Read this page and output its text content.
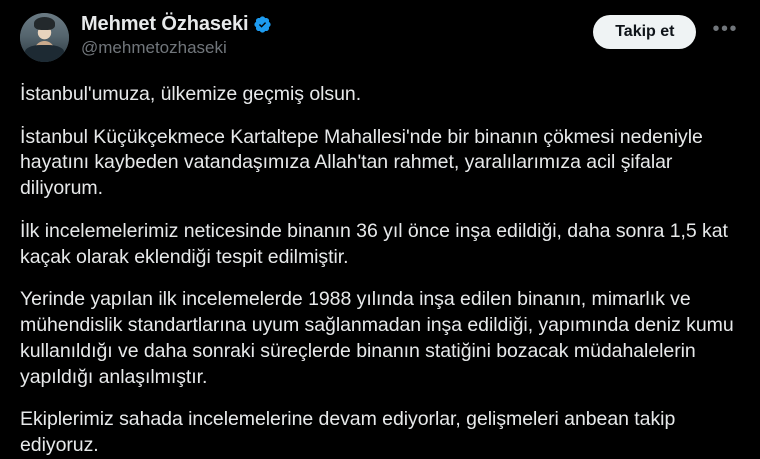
Mehmet Özhaseki
@mehmetozhaseki
Takip et	•••

İstanbul'umuza, ülkemize geçmiş olsun.

İstanbul Küçükçekmece Kartaltepe Mahallesi'nde bir binanın çökmesi nedeniyle hayatını kaybeden vatandaşımıza Allah'tan rahmet, yaralılarımıza acil şifalar diliyorum.

İlk incelemelerimiz neticesinde binanın 36 yıl önce inşa edildiği, daha sonra 1,5 kat kaçak olarak eklendiği tespit edilmiştir.

Yerinde yapılan ilk incelemelerde 1988 yılında inşa edilen binanın, mimarlık ve mühendislik standartlarına uyum sağlanmadan inşa edildiği, yapımında deniz kumu kullanıldığı ve daha sonraki süreçlerde binanın statiğini bozacak müdahalelerin yapıldığı anlaşılmıştır.

Ekiplerimiz sahada incelemelerine devam ediyorlar, gelişmeleri anbean takip ediyoruz.
